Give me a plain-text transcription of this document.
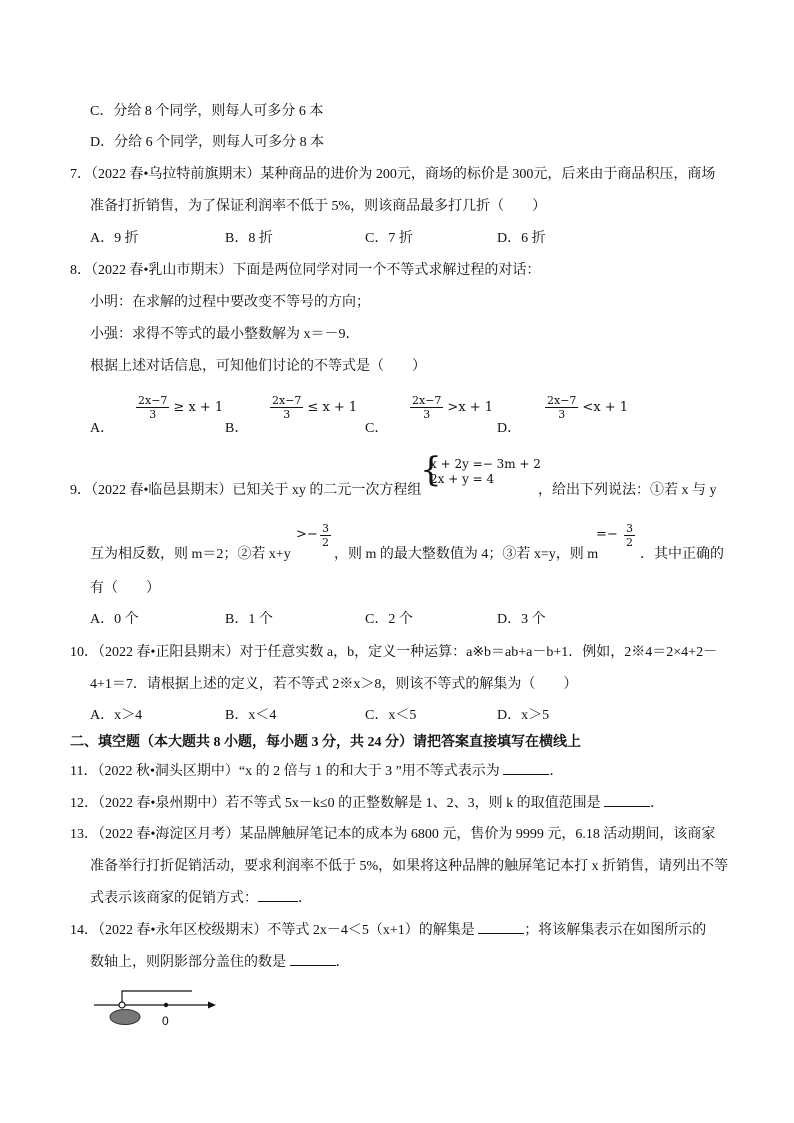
C．分给 8 个同学，则每人可多分 6 本
D．分给 6 个同学，则每人可多分 8 本
7．（2022 春•乌拉特前旗期末）某种商品的进价为 200元，商场的标价是 300元，后来由于商品积压，商场
准备打折销售，为了保证利润率不低于 5%，则该商品最多打几折（　　）
A．9 折	B．8 折	C．7 折	D．6 折
8．（2022 春•乳山市期末）下面是两位同学对同一个不等式求解过程的对话：
小明：在求解的过程中要改变不等号的方向；
小强：求得不等式的最小整数解为 x＝－9．
根据上述对话信息，可知他们讨论的不等式是（　　）
A．
$\frac{2x-7}{3} \ge x + 1$
B．
$\frac{2x-7}{3} \le x + 1$
C．
$\frac{2x-7}{3} >x + 1$
D．
$\frac{2x-7}{3} <x + 1$
9．（2022 春•临邑县期末）已知关于 xy 的二元一次方程组
{
x + 2y =− 3m + 2
2x + y = 4
，给出下列说法：①若 x 与 y
互为相反数，则 m＝2；②若 x+y
>− $\frac{3}{2}$
，则 m 的最大整数值为 4；③若 x=y，则 m
=− $\frac{3}{2}$
．其中正确的
有（　　）
A．0 个	B．1 个	C．2 个	D．3 个
10．（2022 春•正阳县期末）对于任意实数 a，b，定义一种运算：a※b＝ab+a－b+1．例如，2※4＝2×4+2－
4+1＝7．请根据上述的定义，若不等式 2※x＞8，则该不等式的解集为（　　）
A．x＞4	B．x＜4	C．x＜5	D．x＞5
二、填空题（本大题共 8 小题，每小题 3 分，共 24 分）请把答案直接填写在横线上
11．（2022 秋•洞头区期中）“x 的 2 倍与 1 的和大于 3 ”用不等式表示为	．
12．（2022 春•泉州期中）若不等式 5x－k≤0 的正整数解是 1、2、3，则 k 的取值范围是	．
13．（2022 春•海淀区月考）某品牌触屏笔记本的成本为 6800 元，售价为 9999 元，6.18 活动期间，该商家
准备举行打折促销活动，要求利润率不低于 5%，如果将这种品牌的触屏笔记本打 x 折销售，请列出不等
式表示该商家的促销方式：	．
14．（2022 春•永年区校级期末）不等式 2x－4＜5（x+1）的解集是	；将该解集表示在如图所示的
数轴上，则阴影部分盖住的数是	．
0
